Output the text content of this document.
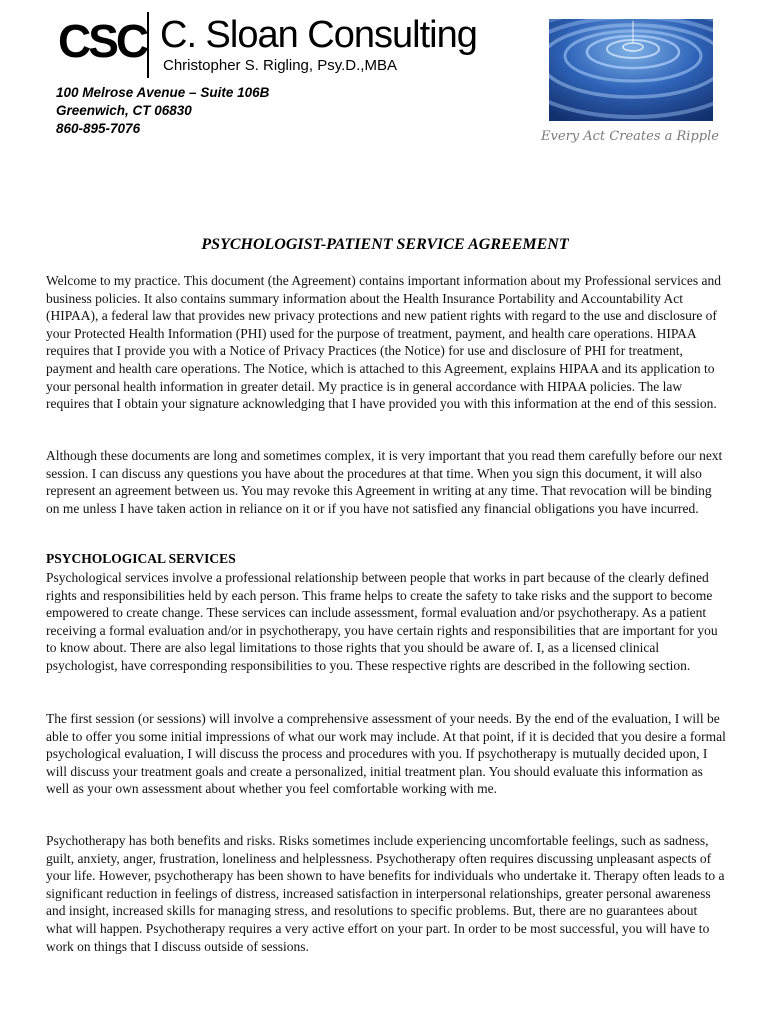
CSC C. Sloan Consulting
Christopher S. Rigling, Psy.D.,MBA
100 Melrose Avenue – Suite 106B
Greenwich, CT 06830
860-895-7076
Every Act Creates a Ripple
PSYCHOLOGIST-PATIENT SERVICE AGREEMENT

Welcome to my practice. This document (the Agreement) contains important information about my Professional services and business policies. It also contains summary information about the Health Insurance Portability and Accountability Act (HIPAA), a federal law that provides new privacy protections and new patient rights with regard to the use and disclosure of your Protected Health Information (PHI) used for the purpose of treatment, payment, and health care operations. HIPAA requires that I provide you with a Notice of Privacy Practices (the Notice) for use and disclosure of PHI for treatment, payment and health care operations. The Notice, which is attached to this Agreement, explains HIPAA and its application to your personal health information in greater detail. My practice is in general accordance with HIPAA policies. The law requires that I obtain your signature acknowledging that I have provided you with this information at the end of this session.

Although these documents are long and sometimes complex, it is very important that you read them carefully before our next session. I can discuss any questions you have about the procedures at that time. When you sign this document, it will also represent an agreement between us. You may revoke this Agreement in writing at any time. That revocation will be binding on me unless I have taken action in reliance on it or if you have not satisfied any financial obligations you have incurred.

PSYCHOLOGICAL SERVICES

Psychological services involve a professional relationship between people that works in part because of the clearly defined rights and responsibilities held by each person. This frame helps to create the safety to take risks and the support to become empowered to create change. These services can include assessment, formal evaluation and/or psychotherapy. As a patient receiving a formal evaluation and/or in psychotherapy, you have certain rights and responsibilities that are important for you to know about. There are also legal limitations to those rights that you should be aware of. I, as a licensed clinical psychologist, have corresponding responsibilities to you. These respective rights are described in the following section.

The first session (or sessions) will involve a comprehensive assessment of your needs. By the end of the evaluation, I will be able to offer you some initial impressions of what our work may include. At that point, if it is decided that you desire a formal psychological evaluation, I will discuss the process and procedures with you. If psychotherapy is mutually decided upon, I will discuss your treatment goals and create a personalized, initial treatment plan. You should evaluate this information as well as your own assessment about whether you feel comfortable working with me.

Psychotherapy has both benefits and risks. Risks sometimes include experiencing uncomfortable feelings, such as sadness, guilt, anxiety, anger, frustration, loneliness and helplessness. Psychotherapy often requires discussing unpleasant aspects of your life. However, psychotherapy has been shown to have benefits for individuals who undertake it. Therapy often leads to a significant reduction in feelings of distress, increased satisfaction in interpersonal relationships, greater personal awareness and insight, increased skills for managing stress, and resolutions to specific problems. But, there are no guarantees about what will happen. Psychotherapy requires a very active effort on your part. In order to be most successful, you will have to work on things that I discuss outside of sessions.
